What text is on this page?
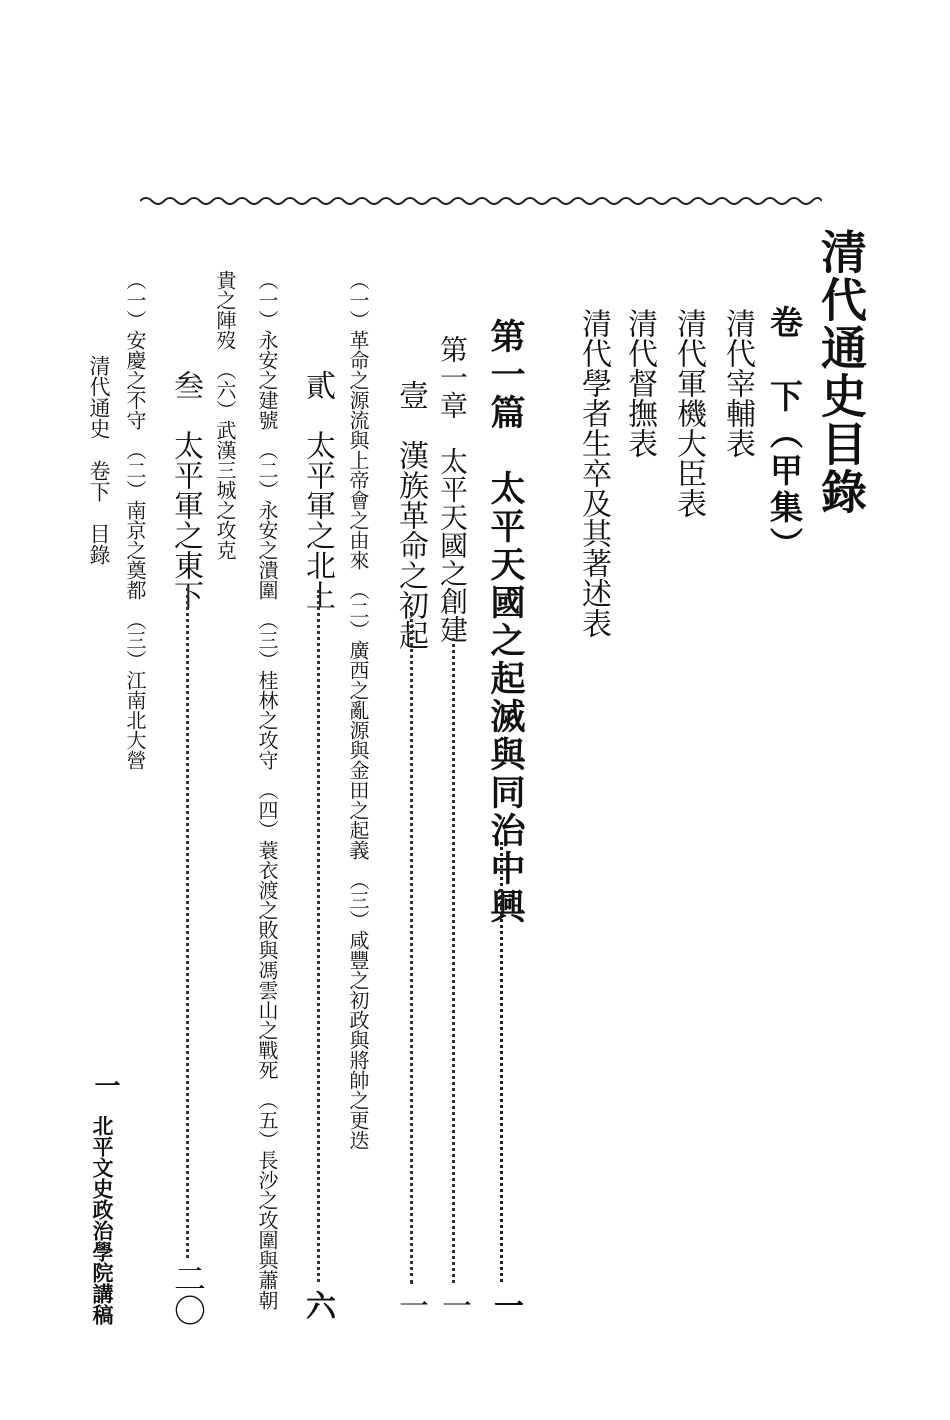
清代通史目錄
卷　下（甲集）
清代宰輔表
清代軍機大臣表
清代督撫表
清代學者生卒及其著述表
第一篇　太平天國之起滅與同治中興
一
第一章　太平天國之創建
一
壹　漢族革命之初起
一
（一）革命之源流與上帝會之由來　（二）廣西之亂源與金田之起義　（三）咸豐之初政與將帥之更迭
貳　太平軍之北上
六
（一）永安之建號　（二）永安之潰圍　（三）桂林之攻守　（四）蓑衣渡之敗與馮雲山之戰死　（五）長沙之攻圍與蕭朝
貴之陣歿　（六）武漢三城之攻克
叁　太平軍之東下
二〇
（一）安慶之不守　（二）南京之奠都　（三）江南北大營
清代通史　卷下　目錄
一
北平文史政治學院講稿
